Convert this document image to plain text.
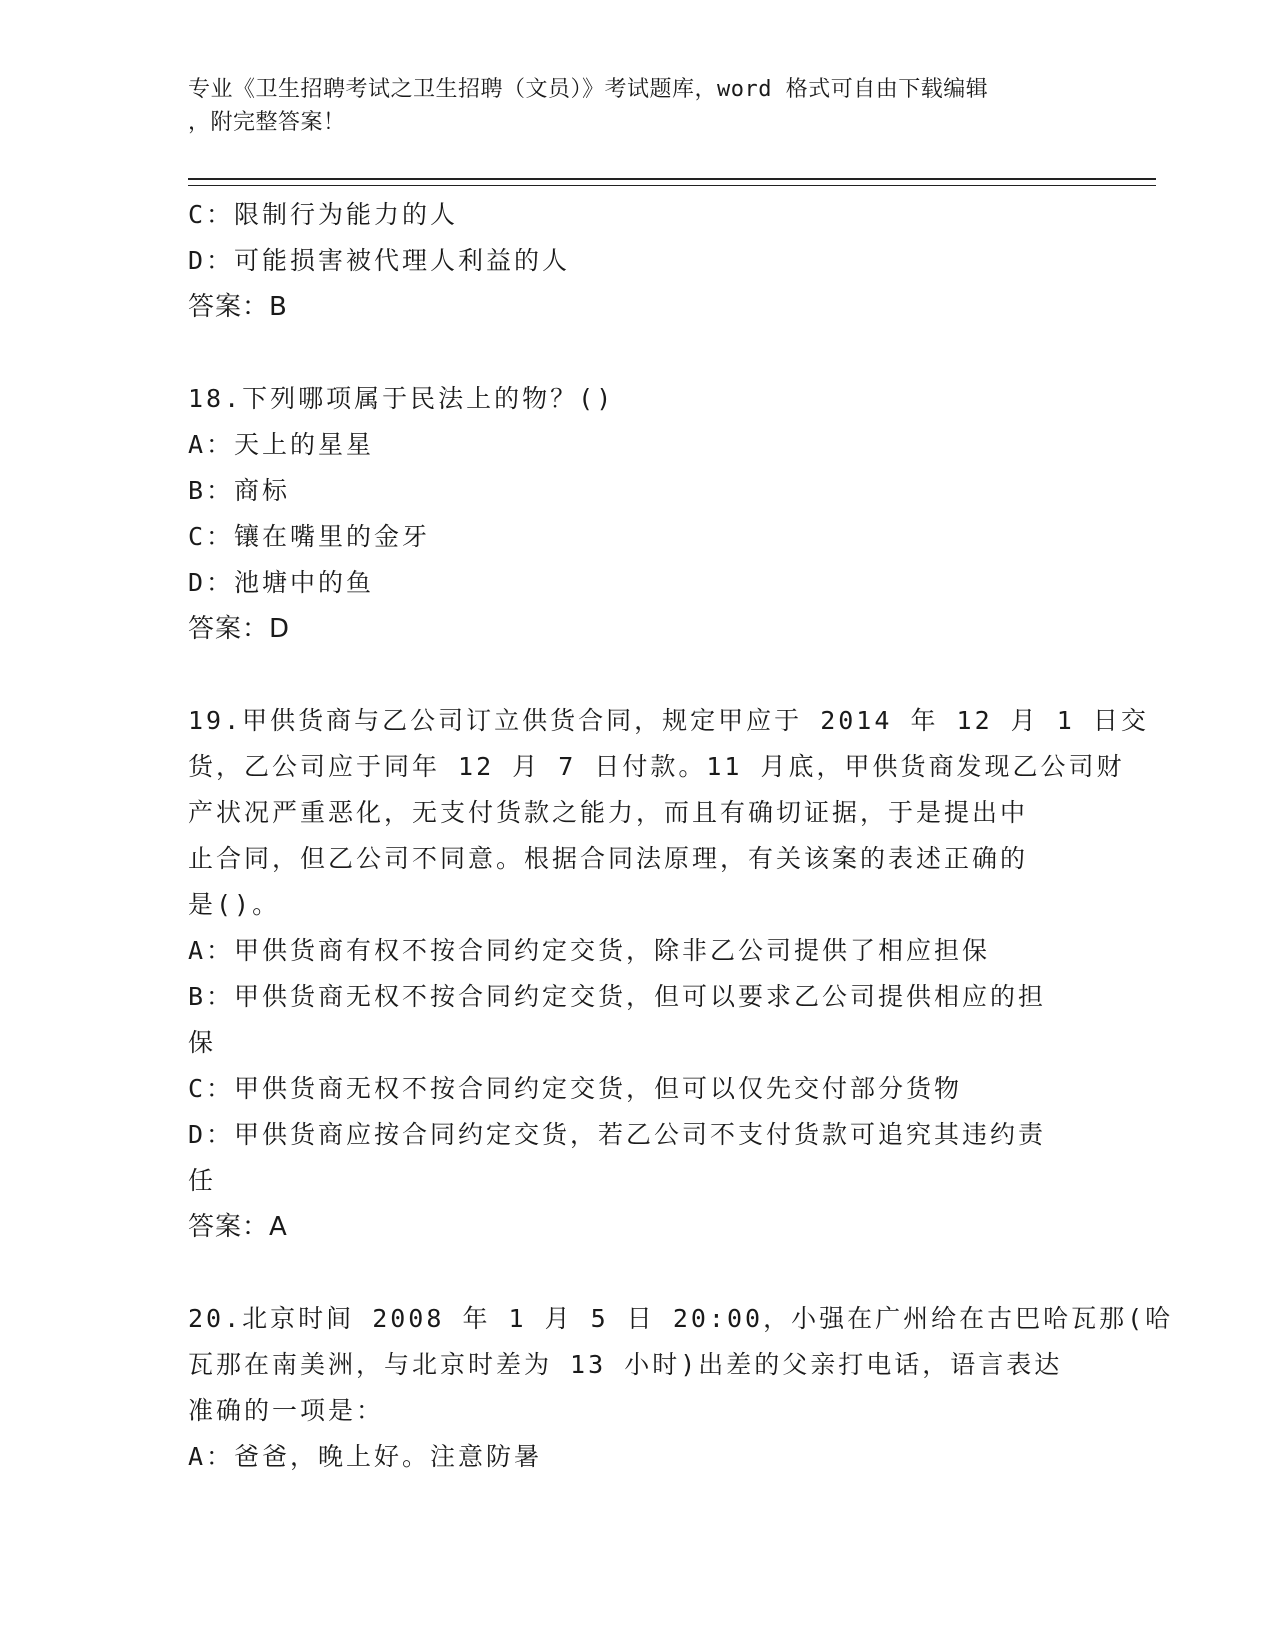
专业《卫生招聘考试之卫生招聘（文员）》考试题库，word 格式可自由下载编辑
，附完整答案！
C：限制行为能力的人
D：可能损害被代理人利益的人
答案：B
18.下列哪项属于民法上的物？()
A：天上的星星
B：商标
C：镶在嘴里的金牙
D：池塘中的鱼
答案：D
19.甲供货商与乙公司订立供货合同，规定甲应于 2014 年 12 月 1 日交
货，乙公司应于同年 12 月 7 日付款。11 月底，甲供货商发现乙公司财
产状况严重恶化，无支付货款之能力，而且有确切证据，于是提出中
止合同，但乙公司不同意。根据合同法原理，有关该案的表述正确的
是()。
A：甲供货商有权不按合同约定交货，除非乙公司提供了相应担保
B：甲供货商无权不按合同约定交货，但可以要求乙公司提供相应的担
保
C：甲供货商无权不按合同约定交货，但可以仅先交付部分货物
D：甲供货商应按合同约定交货，若乙公司不支付货款可追究其违约责
任
答案：A
20.北京时间 2008 年 1 月 5 日 20:00，小强在广州给在古巴哈瓦那(哈
瓦那在南美洲，与北京时差为 13 小时)出差的父亲打电话，语言表达
准确的一项是：
A：爸爸，晚上好。注意防暑
